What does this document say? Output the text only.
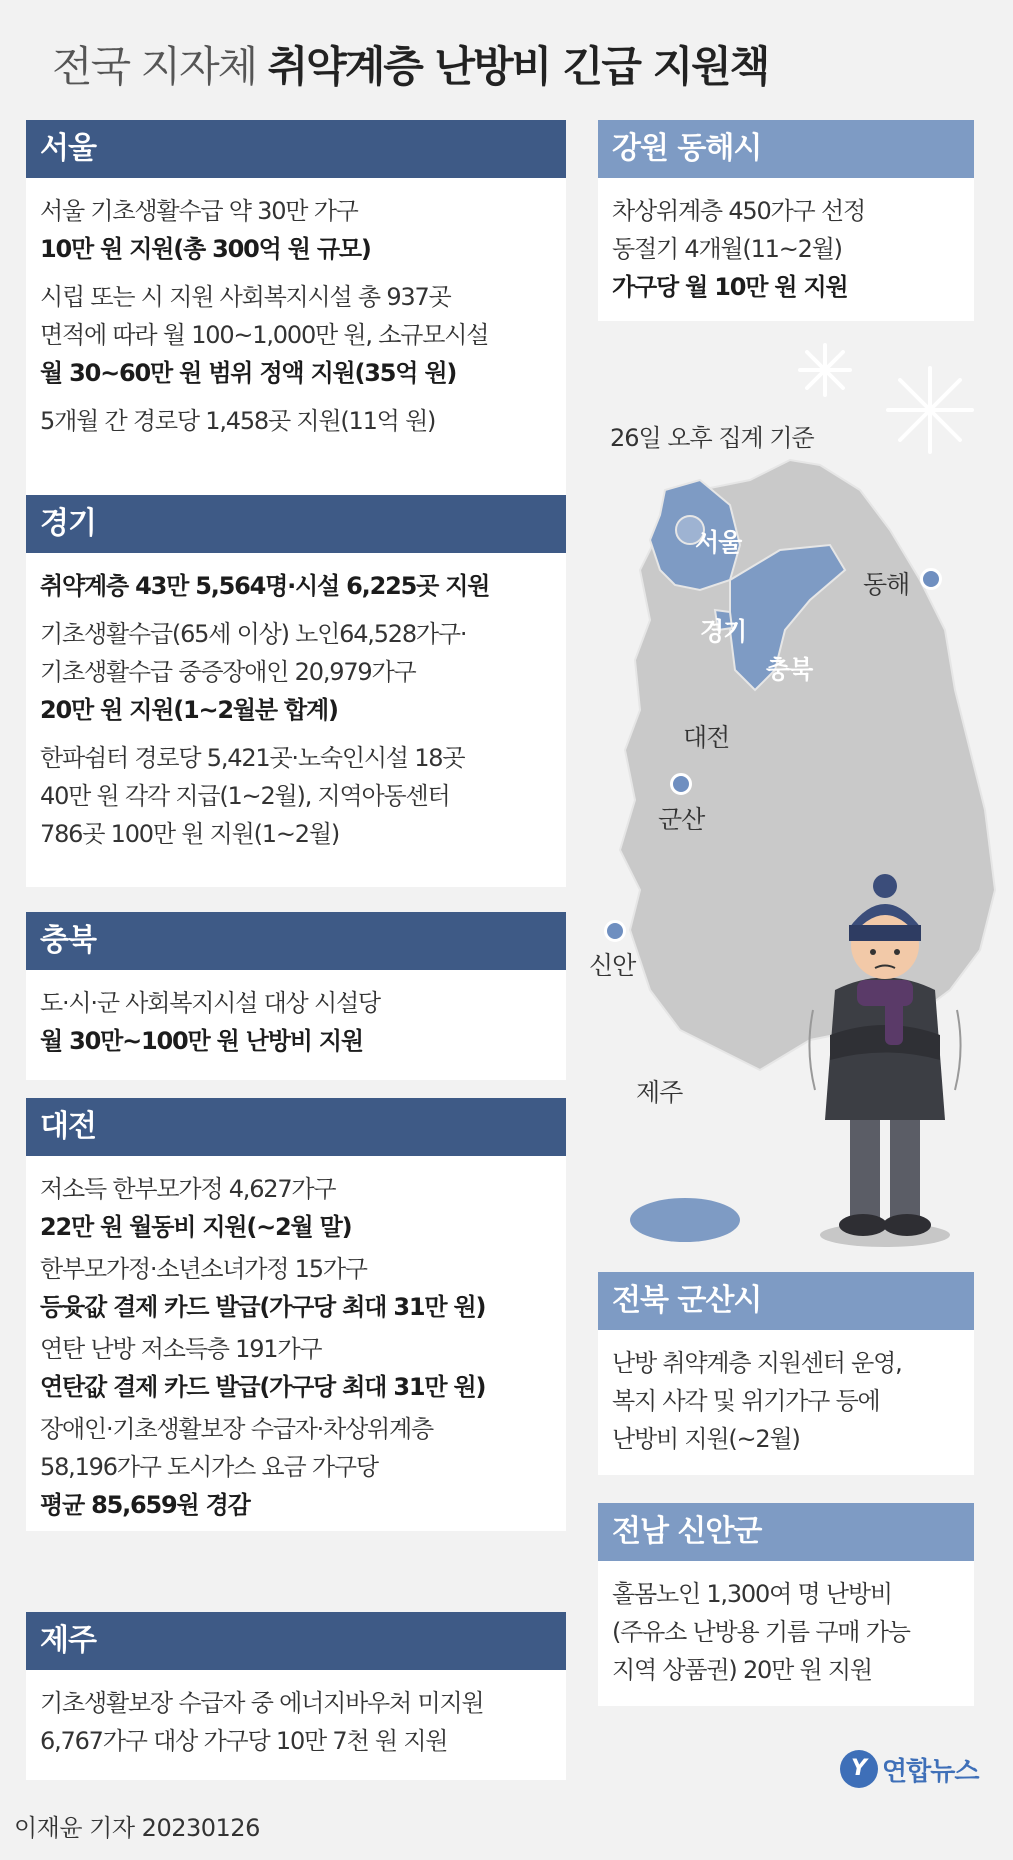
전국 지자체 취약계층 난방비 긴급 지원책
서울
서울 기초생활수급 약 30만 가구
10만 원 지원(총 300억 원 규모)
시립 또는 시 지원 사회복지시설 총 937곳
면적에 따라 월 100~1,000만 원, 소규모시설
월 30~60만 원 범위 정액 지원(35억 원)
5개월 간 경로당 1,458곳 지원(11억 원)
경기
취약계층 43만 5,564명·시설 6,225곳 지원
기초생활수급(65세 이상) 노인64,528가구·
기초생활수급 중증장애인 20,979가구
20만 원 지원(1~2월분 합계)
한파쉼터 경로당 5,421곳·노숙인시설 18곳
40만 원 각각 지급(1~2월), 지역아동센터
786곳 100만 원 지원(1~2월)
충북
도·시·군 사회복지시설 대상 시설당
월 30만~100만 원 난방비 지원
대전
저소득 한부모가정 4,627가구
22만 원 월동비 지원(~2월 말)
한부모가정·소년소녀가정 15가구
등윳값 결제 카드 발급(가구당 최대 31만 원)
연탄 난방 저소득층 191가구
연탄값 결제 카드 발급(가구당 최대 31만 원)
장애인·기초생활보장 수급자·차상위계층
58,196가구 도시가스 요금 가구당
평균 85,659원 경감
제주
기초생활보장 수급자 중 에너지바우처 미지원
6,767가구 대상 가구당 10만 7천 원 지원
강원 동해시
차상위계층 450가구 선정
동절기 4개월(11~2월)
가구당 월 10만 원 지원
26일 오후 집계 기준
서울
경기
충북
동해
대전
군산
신안
제주
전북 군산시
난방 취약계층 지원센터 운영,
복지 사각 및 위기가구 등에
난방비 지원(~2월)
전남 신안군
홀몸노인 1,300여 명 난방비
(주유소 난방용 기름 구매 가능
지역 상품권) 20만 원 지원
Y 연합뉴스
이재윤 기자 20230126
